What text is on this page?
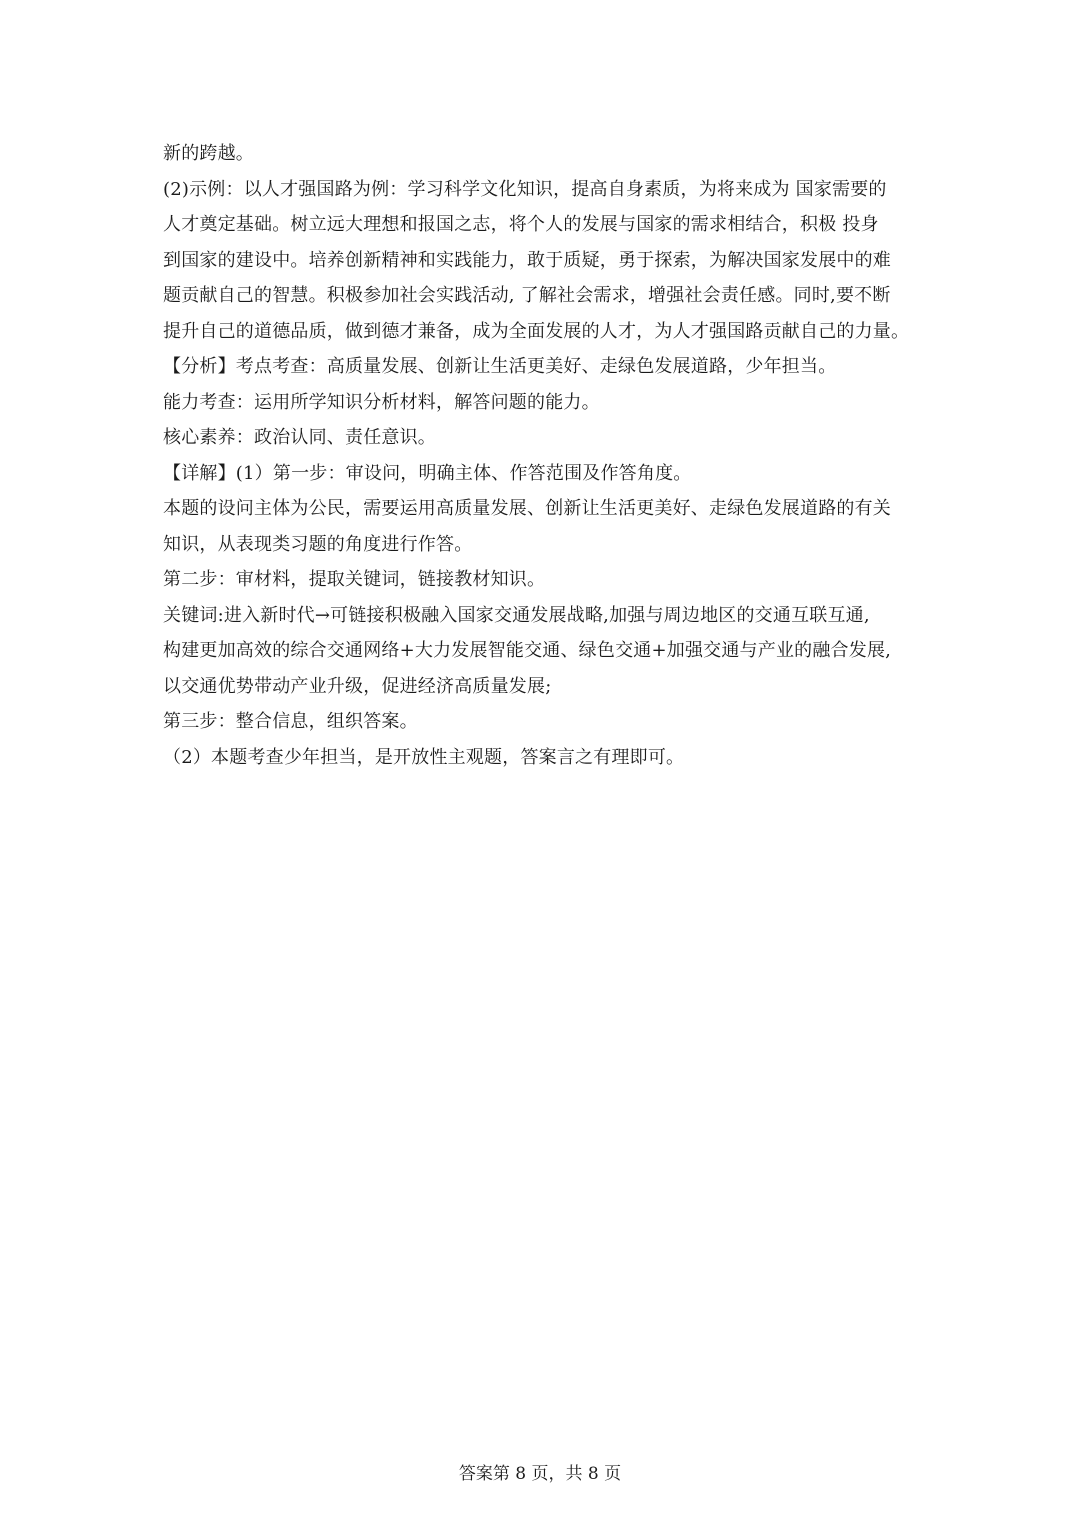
新的跨越。
(2)示例：以人才强国路为例：学习科学文化知识，提高自身素质，为将来成为 国家需要的
人才奠定基础。树立远大理想和报国之志，将个人的发展与国家的需求相结合，积极 投身
到国家的建设中。培养创新精神和实践能力，敢于质疑，勇于探索，为解决国家发展中的难
题贡献自己的智慧。积极参加社会实践活动, 了解社会需求，增强社会责任感。同时,要不断
提升自己的道德品质，做到德才兼备，成为全面发展的人才，为人才强国路贡献自己的力量。
【分析】考点考查：高质量发展、创新让生活更美好、走绿色发展道路，少年担当。
能力考查：运用所学知识分析材料，解答问题的能力。
核心素养：政治认同、责任意识。
【详解】(1）第一步：审设问，明确主体、作答范围及作答角度。
本题的设问主体为公民，需要运用高质量发展、创新让生活更美好、走绿色发展道路的有关
知识，从表现类习题的角度进行作答。
第二步：审材料，提取关键词，链接教材知识。
关键词:进入新时代→可链接积极融入国家交通发展战略,加强与周边地区的交通互联互通,
构建更加高效的综合交通网络+大力发展智能交通、绿色交通+加强交通与产业的融合发展,
以交通优势带动产业升级，促进经济高质量发展;
第三步：整合信息，组织答案。
（2）本题考查少年担当，是开放性主观题，答案言之有理即可。
答案第 8 页，共 8 页
